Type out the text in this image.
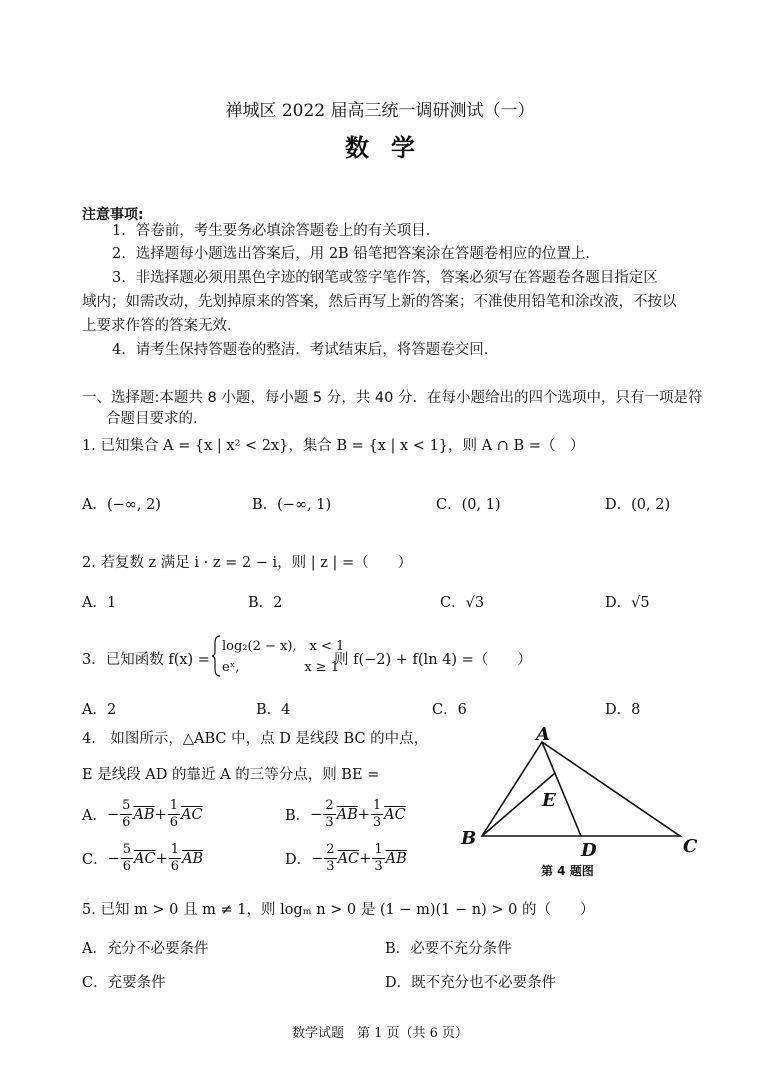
禅城区 2022 届高三统一调研测试（一）
数学
注意事项:
1．答卷前，考生要务必填涂答题卷上的有关项目．
2．选择题每小题选出答案后，用 2B 铅笔把答案涂在答题卷相应的位置上．
3．非选择题必须用黑色字迹的钢笔或签字笔作答，答案必须写在答题卷各题目指定区
域内；如需改动，先划掉原来的答案，然后再写上新的答案；不准使用铅笔和涂改液，不按以
上要求作答的答案无效．
4．请考生保持答题卷的整洁．考试结束后，将答题卷交回．
一、选择题:本题共 8 小题，每小题 5 分，共 40 分．在每小题给出的四个选项中，只有一项是符
合题目要求的．
1. 已知集合 A = {x | x² < 2x}，集合 B = {x | x < 1}，则 A ∩ B =（　）
A．(−∞, 2)	B．(−∞, 1)	C．(0, 1)	D．(0, 2)
2. 若复数 z 满足 i · z = 2 − i，则 | z | =（　　）
A．1	B．2	C．√3	D．√5
3．已知函数 f(x) =
log₂(2 − x),　x < 1
eˣ,　　　　　x ≥ 1
则 f(−2) + f(ln 4) =（　　）
A．2	B．4	C．6	D．8
4.　如图所示，△ABC 中，点 D 是线段 BC 的中点，
E 是线段 AD 的靠近 A 的三等分点，则 BE =
A． − $\frac{5}{6} \overline{AB} + \frac{1}{6} \overline{AC}$	B． − $\frac{2}{3} \overline{AB} + \frac{1}{3} \overline{AC}$
C． − $\frac{5}{6} \overline{AC} + \frac{1}{6} \overline{AB}$	D． − $\frac{2}{3} \overline{AC} + \frac{1}{3} \overline{AB}$
A
B	C
D
E
第 4 题图
5. 已知 m > 0 且 m ≠ 1，则 logₘ n > 0 是 (1 − m)(1 − n) > 0 的（　　）
A．充分不必要条件	B．必要不充分条件
C．充要条件	D．既不充分也不必要条件
数学试题　第 1 页（共 6 页）
